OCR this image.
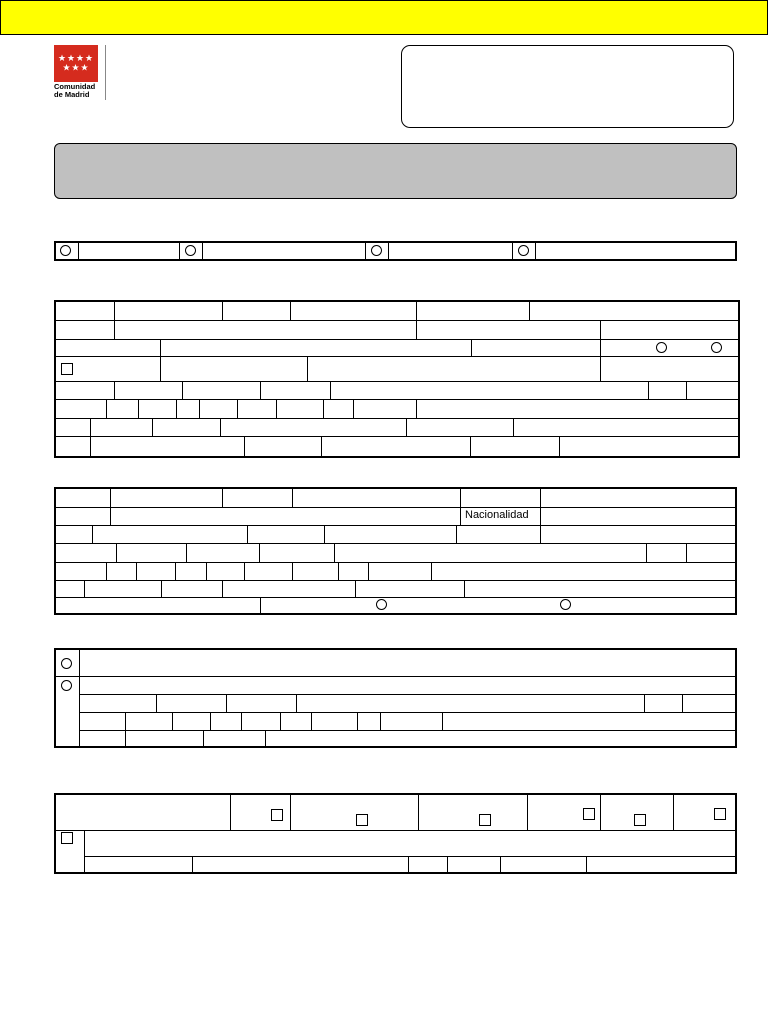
Comunidad
de Madrid
Nacionalidad
